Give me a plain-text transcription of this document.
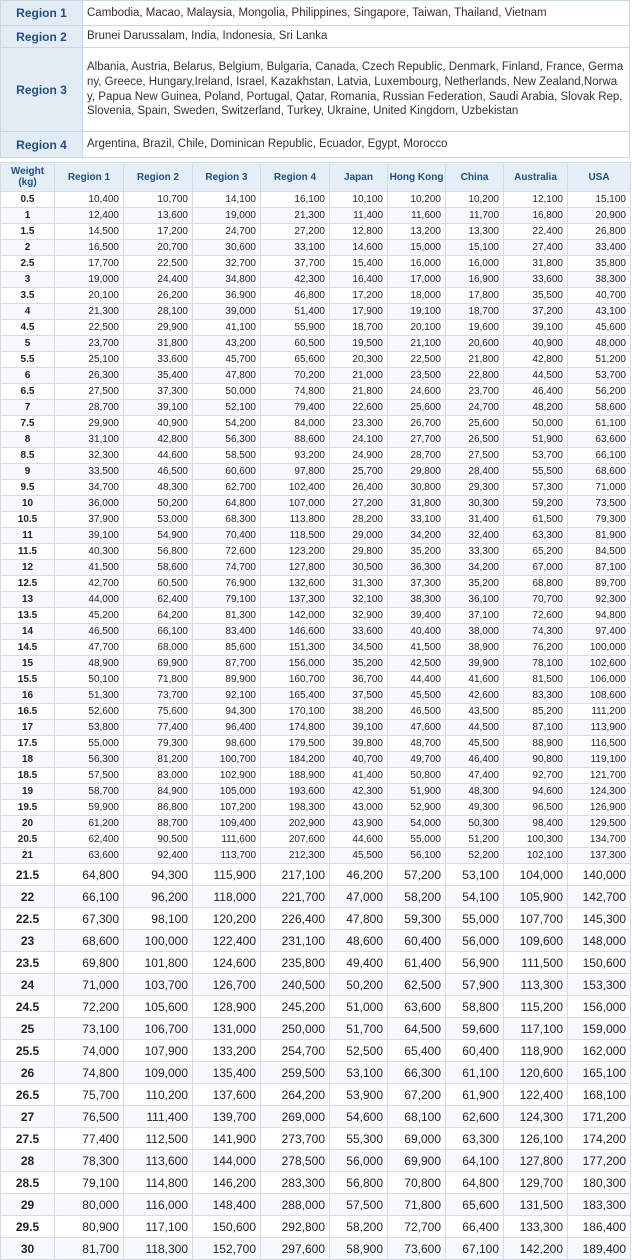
Region 1	Cambodia, Macao, Malaysia, Mongolia, Philippines, Singapore, Taiwan, Thailand, Vietnam
Region 2	Brunei Darussalam, India, Indonesia, Sri Lanka
Region 3	Albania, Austria, Belarus, Belgium, Bulgaria, Canada, Czech Republic, Denmark, Finland, France, Germany, Greece, Hungary,Ireland, Israel, Kazakhstan, Latvia, Luxembourg, Netherlands, New Zealand,Norway, Papua New Guinea, Poland, Portugal, Qatar, Romania, Russian Federation, Saudi Arabia, Slovak Rep, Slovenia, Spain, Sweden, Switzerland, Turkey, Ukraine, United Kingdom, Uzbekistan
Region 4	Argentina, Brazil, Chile, Dominican Republic, Ecuador, Egypt, Morocco
Weight (kg)	Region 1	Region 2	Region 3	Region 4	Japan	Hong Kong	China	Australia	USA
0.5	10,400	10,700	14,100	16,100	10,100	10,200	10,200	12,100	15,100
1	12,400	13,600	19,000	21,300	11,400	11,600	11,700	16,800	20,900
1.5	14,500	17,200	24,700	27,200	12,800	13,200	13,300	22,400	26,800
2	16,500	20,700	30,600	33,100	14,600	15,000	15,100	27,400	33,400
2.5	17,700	22,500	32,700	37,700	15,400	16,000	16,000	31,800	35,800
3	19,000	24,400	34,800	42,300	16,400	17,000	16,900	33,600	38,300
3.5	20,100	26,200	36,900	46,800	17,200	18,000	17,800	35,500	40,700
4	21,300	28,100	39,000	51,400	17,900	19,100	18,700	37,200	43,100
4.5	22,500	29,900	41,100	55,900	18,700	20,100	19,600	39,100	45,600
5	23,700	31,800	43,200	60,500	19,500	21,100	20,600	40,900	48,000
5.5	25,100	33,600	45,700	65,600	20,300	22,500	21,800	42,800	51,200
6	26,300	35,400	47,800	70,200	21,000	23,500	22,800	44,500	53,700
6.5	27,500	37,300	50,000	74,800	21,800	24,600	23,700	46,400	56,200
7	28,700	39,100	52,100	79,400	22,600	25,600	24,700	48,200	58,600
7.5	29,900	40,900	54,200	84,000	23,300	26,700	25,600	50,000	61,100
8	31,100	42,800	56,300	88,600	24,100	27,700	26,500	51,900	63,600
8.5	32,300	44,600	58,500	93,200	24,900	28,700	27,500	53,700	66,100
9	33,500	46,500	60,600	97,800	25,700	29,800	28,400	55,500	68,600
9.5	34,700	48,300	62,700	102,400	26,400	30,800	29,300	57,300	71,000
10	36,000	50,200	64,800	107,000	27,200	31,800	30,300	59,200	73,500
10.5	37,900	53,000	68,300	113,800	28,200	33,100	31,400	61,500	79,300
11	39,100	54,900	70,400	118,500	29,000	34,200	32,400	63,300	81,900
11.5	40,300	56,800	72,600	123,200	29,800	35,200	33,300	65,200	84,500
12	41,500	58,600	74,700	127,800	30,500	36,300	34,200	67,000	87,100
12.5	42,700	60,500	76,900	132,600	31,300	37,300	35,200	68,800	89,700
13	44,000	62,400	79,100	137,300	32,100	38,300	36,100	70,700	92,300
13.5	45,200	64,200	81,300	142,000	32,900	39,400	37,100	72,600	94,800
14	46,500	66,100	83,400	146,600	33,600	40,400	38,000	74,300	97,400
14.5	47,700	68,000	85,600	151,300	34,500	41,500	38,900	76,200	100,000
15	48,900	69,900	87,700	156,000	35,200	42,500	39,900	78,100	102,600
15.5	50,100	71,800	89,900	160,700	36,700	44,400	41,600	81,500	106,000
16	51,300	73,700	92,100	165,400	37,500	45,500	42,600	83,300	108,600
16.5	52,600	75,600	94,300	170,100	38,200	46,500	43,500	85,200	111,200
17	53,800	77,400	96,400	174,800	39,100	47,600	44,500	87,100	113,900
17.5	55,000	79,300	98,600	179,500	39,800	48,700	45,500	88,900	116,500
18	56,300	81,200	100,700	184,200	40,700	49,700	46,400	90,800	119,100
18.5	57,500	83,000	102,900	188,900	41,400	50,800	47,400	92,700	121,700
19	58,700	84,900	105,000	193,600	42,300	51,900	48,300	94,600	124,300
19.5	59,900	86,800	107,200	198,300	43,000	52,900	49,300	96,500	126,900
20	61,200	88,700	109,400	202,900	43,900	54,000	50,300	98,400	129,500
20.5	62,400	90,500	111,600	207,600	44,600	55,000	51,200	100,300	134,700
21	63,600	92,400	113,700	212,300	45,500	56,100	52,200	102,100	137,300
21.5	64,800	94,300	115,900	217,100	46,200	57,200	53,100	104,000	140,000
22	66,100	96,200	118,000	221,700	47,000	58,200	54,100	105,900	142,700
22.5	67,300	98,100	120,200	226,400	47,800	59,300	55,000	107,700	145,300
23	68,600	100,000	122,400	231,100	48,600	60,400	56,000	109,600	148,000
23.5	69,800	101,800	124,600	235,800	49,400	61,400	56,900	111,500	150,600
24	71,000	103,700	126,700	240,500	50,200	62,500	57,900	113,300	153,300
24.5	72,200	105,600	128,900	245,200	51,000	63,600	58,800	115,200	156,000
25	73,100	106,700	131,000	250,000	51,700	64,500	59,600	117,100	159,000
25.5	74,000	107,900	133,200	254,700	52,500	65,400	60,400	118,900	162,000
26	74,800	109,000	135,400	259,500	53,100	66,300	61,100	120,600	165,100
26.5	75,700	110,200	137,600	264,200	53,900	67,200	61,900	122,400	168,100
27	76,500	111,400	139,700	269,000	54,600	68,100	62,600	124,300	171,200
27.5	77,400	112,500	141,900	273,700	55,300	69,000	63,300	126,100	174,200
28	78,300	113,600	144,000	278,500	56,000	69,900	64,100	127,800	177,200
28.5	79,100	114,800	146,200	283,300	56,800	70,800	64,800	129,700	180,300
29	80,000	116,000	148,400	288,000	57,500	71,800	65,600	131,500	183,300
29.5	80,900	117,100	150,600	292,800	58,200	72,700	66,400	133,300	186,400
30	81,700	118,300	152,700	297,600	58,900	73,600	67,100	142,200	189,400
